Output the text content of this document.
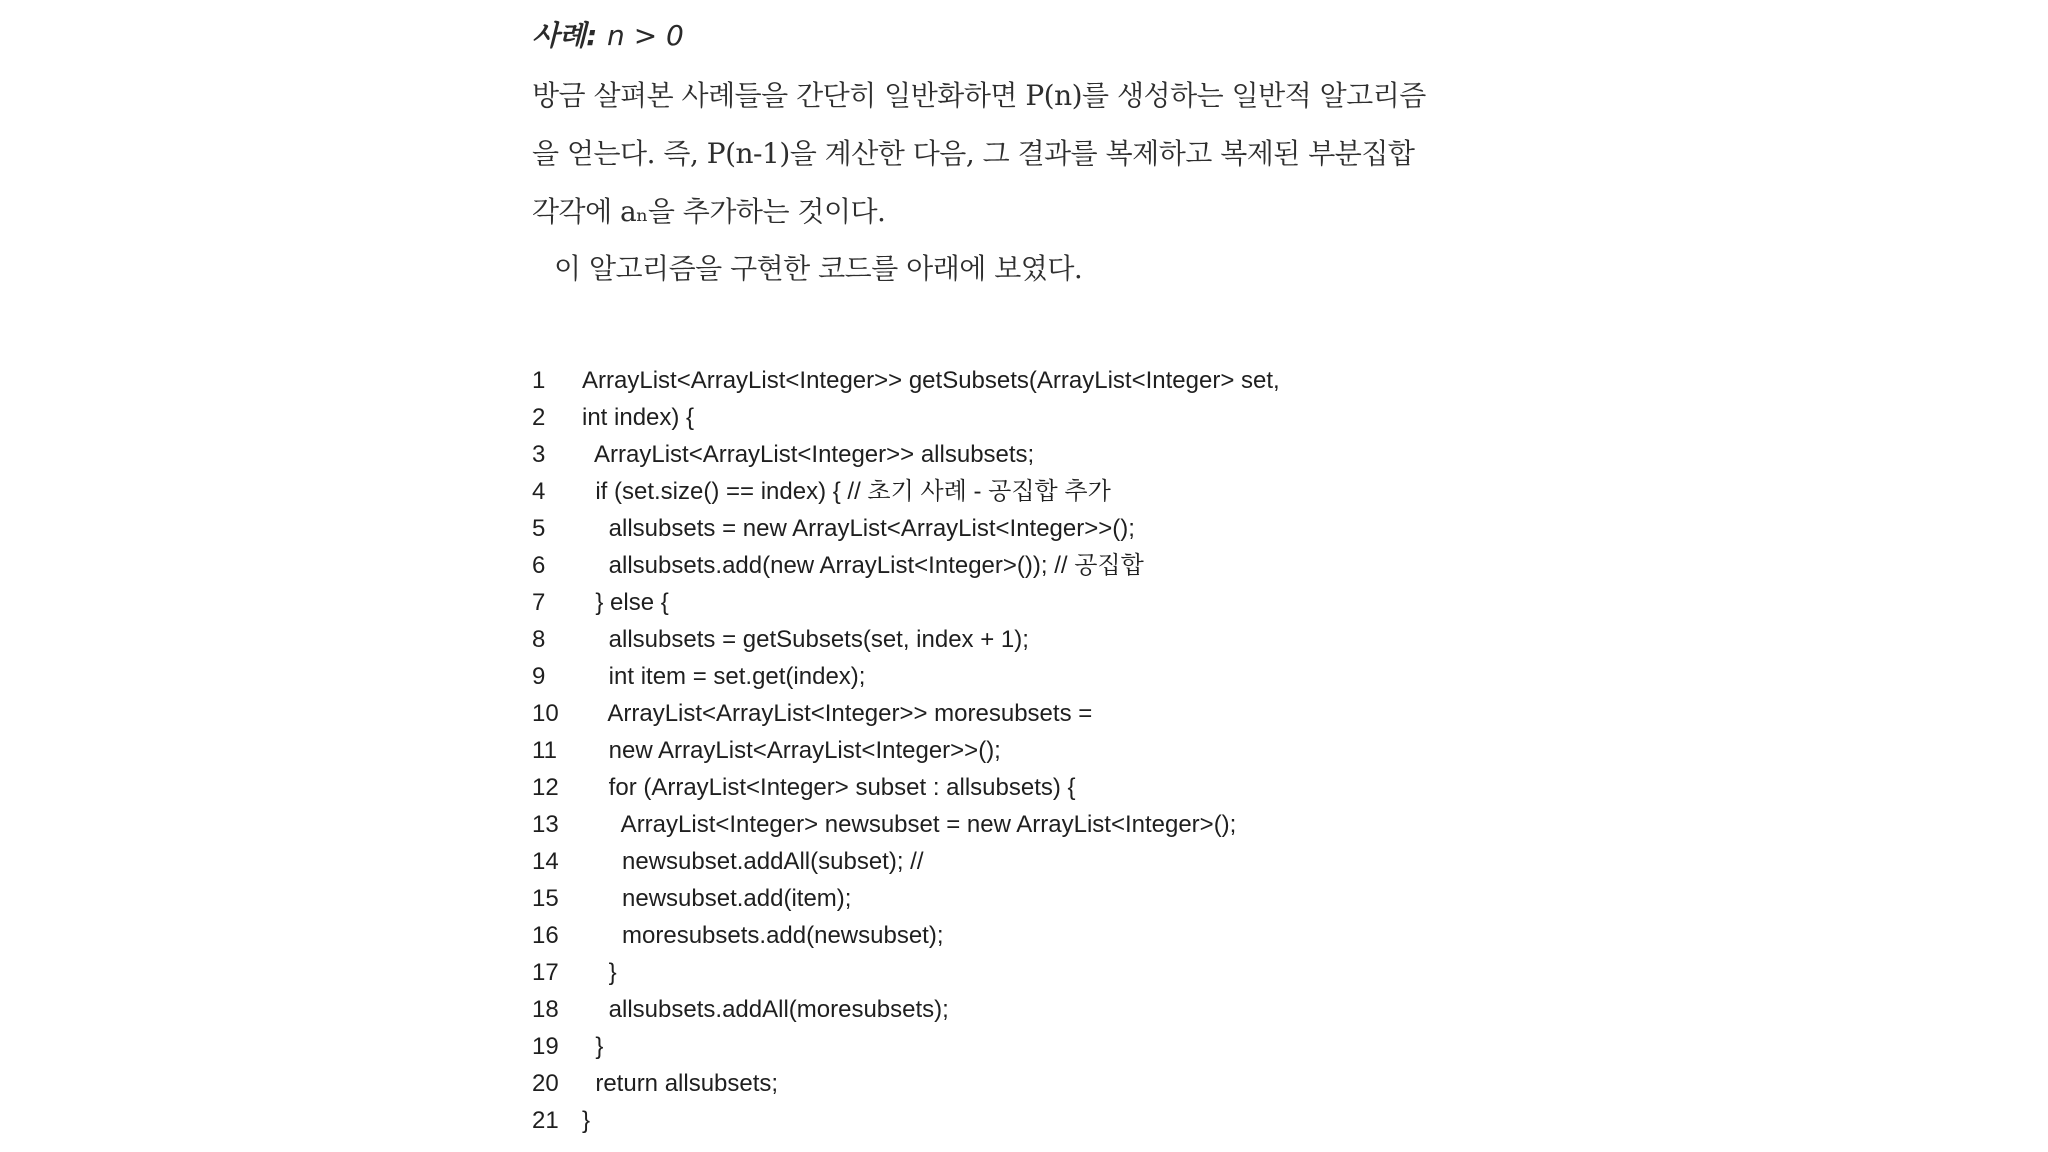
사례: n > 0
방금 살펴본 사례들을 간단히 일반화하면 P(n)를 생성하는 일반적 알고리즘
을 얻는다. 즉, P(n-1)을 계산한 다음, 그 결과를 복제하고 복제된 부분집합
각각에 aₙ을 추가하는 것이다.
이 알고리즘을 구현한 코드를 아래에 보였다.
1	ArrayList<ArrayList<Integer>> getSubsets(ArrayList<Integer> set,
2	int index) {
3	ArrayList<ArrayList<Integer>> allsubsets;
4	if (set.size() == index) { // 초기 사례 - 공집합 추가
5	allsubsets = new ArrayList<ArrayList<Integer>>();
6	allsubsets.add(new ArrayList<Integer>()); // 공집합
7	} else {
8	allsubsets = getSubsets(set, index + 1);
9	int item = set.get(index);
10 ArrayList<ArrayList<Integer>> moresubsets =
11	new ArrayList<ArrayList<Integer>>();
12 for (ArrayList<Integer> subset : allsubsets) {
13 ArrayList<Integer> newsubset = new ArrayList<Integer>();
14 newsubset.addAll(subset); //
15 newsubset.add(item);
16 moresubsets.add(newsubset);
17 }
18 allsubsets.addAll(moresubsets);
19 }
20 return allsubsets;
21 }
